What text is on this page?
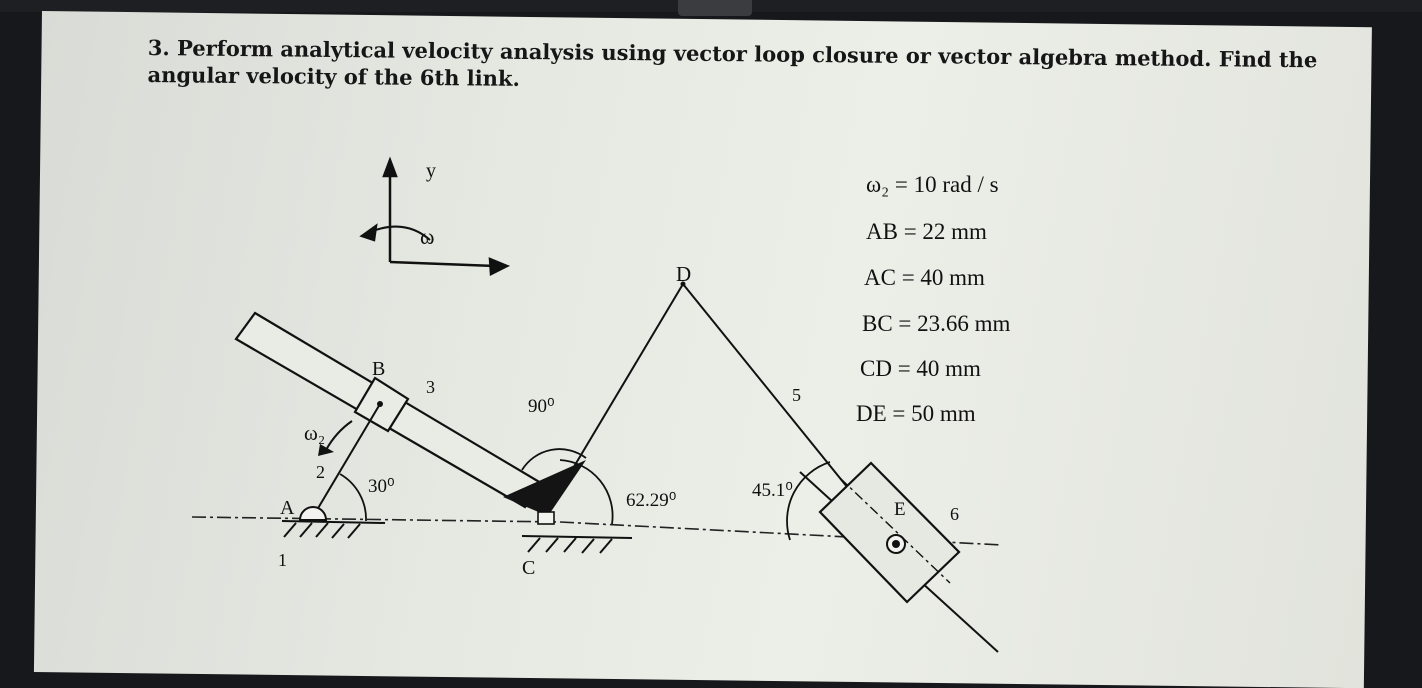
3. Perform analytical velocity analysis using vector loop closure or vector algebra method. Find the angular velocity of the 6th link.
y
ω
A
B
C
D
E
1
2
3	5
6
ω₂
30⁰
90⁰
62.29⁰	45.1⁰
ω₂ = 10 rad / s
AB = 22 mm
AC = 40 mm
BC = 23.66 mm
CD = 40 mm
DE = 50 mm
